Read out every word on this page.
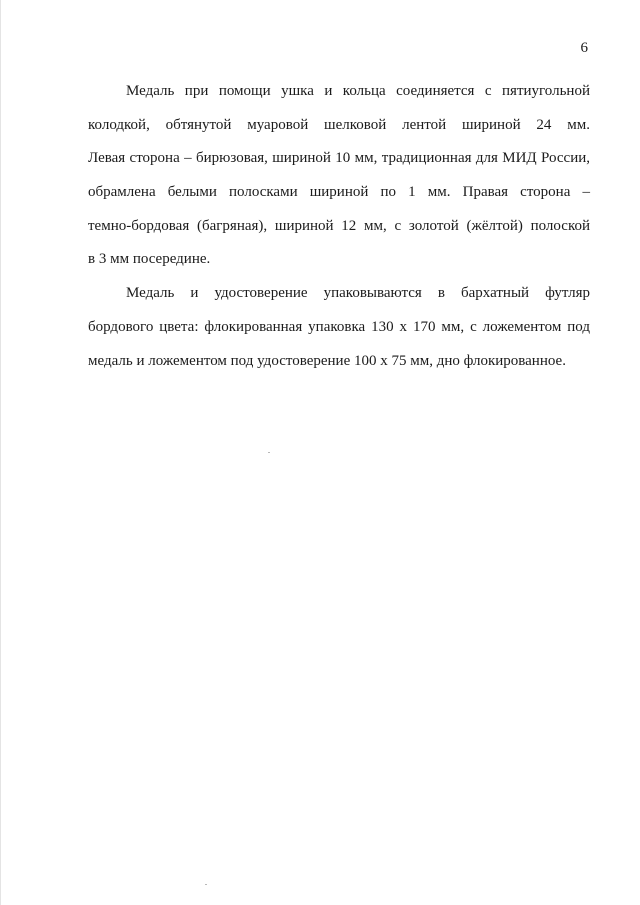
6

Медаль при помощи ушка и кольца соединяется с пятиугольной
колодкой, обтянутой муаровой шелковой лентой шириной 24 мм.
Левая сторона – бирюзовая, шириной 10 мм, традиционная для МИД России,
обрамлена белыми полосками шириной по 1 мм. Правая сторона –
темно-бордовая (багряная), шириной 12 мм, с золотой (жёлтой) полоской
в 3 мм посередине.

Медаль и удостоверение упаковываются в бархатный футляр
бордового цвета: флокированная упаковка 130 х 170 мм, с ложементом под
медаль и ложементом под удостоверение 100 х 75 мм, дно флокированное.
